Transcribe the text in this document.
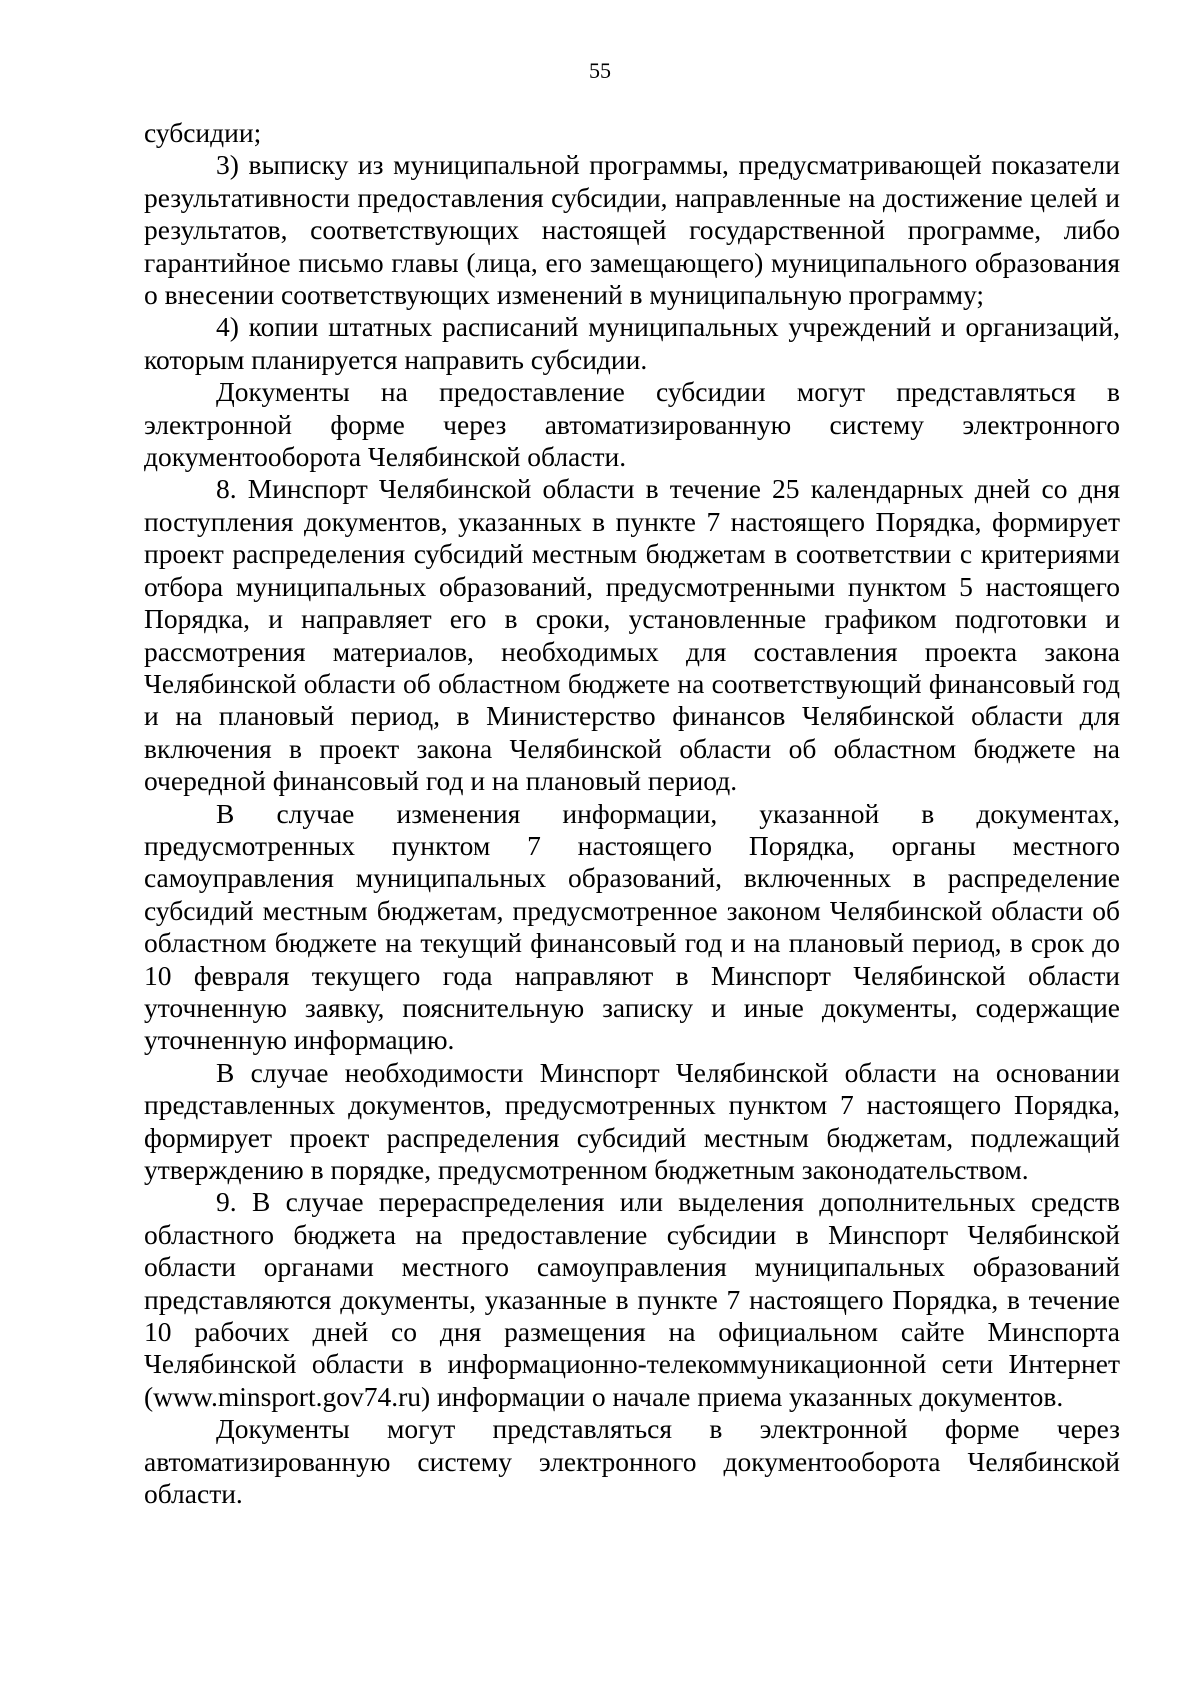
55

субсидии;

3) выписку из муниципальной программы, предусматривающей показатели результативности предоставления субсидии, направленные на достижение целей и результатов, соответствующих настоящей государственной программе, либо гарантийное письмо главы (лица, его замещающего) муниципального образования о внесении соответствующих изменений в муниципальную программу;

4) копии штатных расписаний муниципальных учреждений и организаций, которым планируется направить субсидии.

Документы на предоставление субсидии могут представляться в электронной форме через автоматизированную систему электронного документооборота Челябинской области.

8. Минспорт Челябинской области в течение 25 календарных дней со дня поступления документов, указанных в пункте 7 настоящего Порядка, формирует проект распределения субсидий местным бюджетам в соответствии с критериями отбора муниципальных образований, предусмотренными пунктом 5 настоящего Порядка, и направляет его в сроки, установленные графиком подготовки и рассмотрения материалов, необходимых для составления проекта закона Челябинской области об областном бюджете на соответствующий финансовый год и на плановый период, в Министерство финансов Челябинской области для включения в проект закона Челябинской области об областном бюджете на очередной финансовый год и на плановый период.

В случае изменения информации, указанной в документах, предусмотренных пунктом 7 настоящего Порядка, органы местного самоуправления муниципальных образований, включенных в распределение субсидий местным бюджетам, предусмотренное законом Челябинской области об областном бюджете на текущий финансовый год и на плановый период, в срок до 10 февраля текущего года направляют в Минспорт Челябинской области уточненную заявку, пояснительную записку и иные документы, содержащие уточненную информацию.

В случае необходимости Минспорт Челябинской области на основании представленных документов, предусмотренных пунктом 7 настоящего Порядка, формирует проект распределения субсидий местным бюджетам, подлежащий утверждению в порядке, предусмотренном бюджетным законодательством.

9. В случае перераспределения или выделения дополнительных средств областного бюджета на предоставление субсидии в Минспорт Челябинской области органами местного самоуправления муниципальных образований представляются документы, указанные в пункте 7 настоящего Порядка, в течение 10 рабочих дней со дня размещения на официальном сайте Минспорта Челябинской области в информационно-телекоммуникационной сети Интернет (www.minsport.gov74.ru) информации о начале приема указанных документов.

Документы могут представляться в электронной форме через автоматизированную систему электронного документооборота Челябинской области.
